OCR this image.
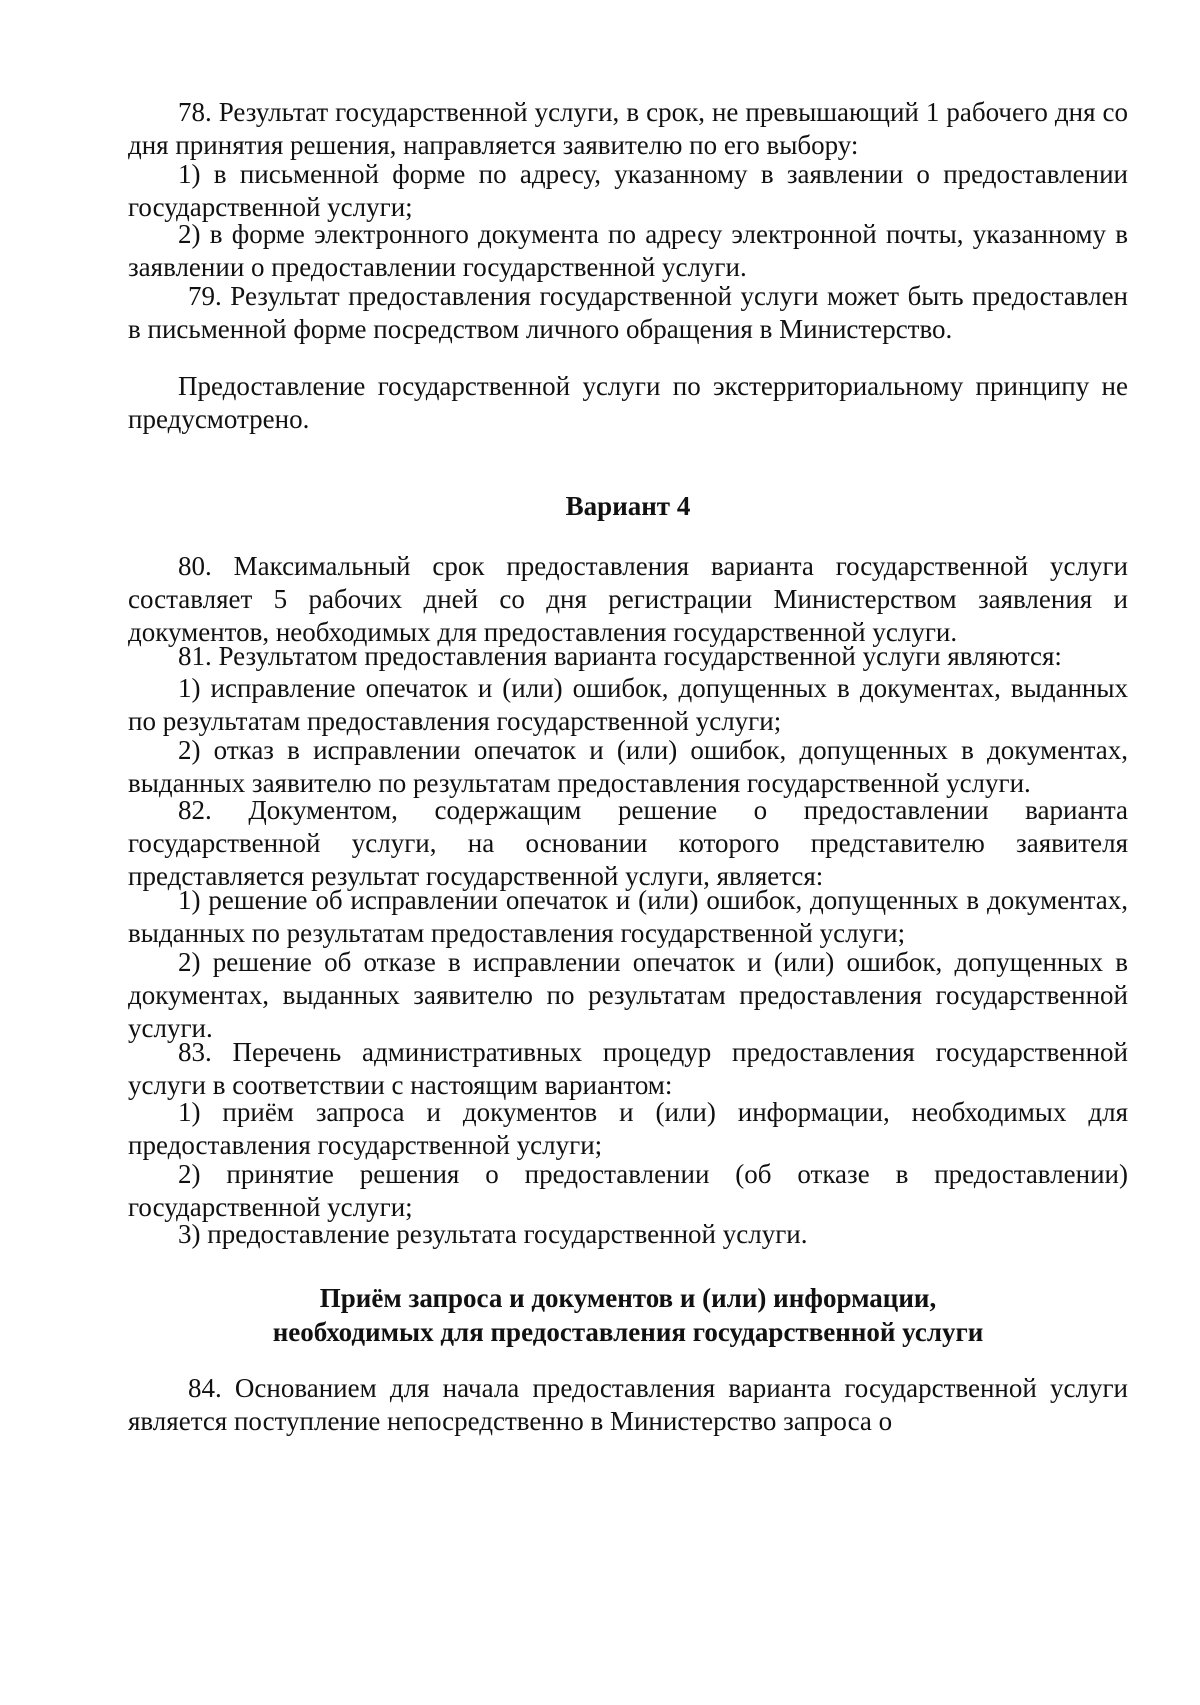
78. Результат государственной услуги, в срок, не превышающий 1 рабочего дня со дня принятия решения, направляется заявителю по его выбору:

1) в письменной форме по адресу, указанному в заявлении о предоставлении государственной услуги;

2) в форме электронного документа по адресу электронной почты, указанному в заявлении о предоставлении государственной услуги.

79. Результат предоставления государственной услуги может быть предоставлен в письменной форме посредством личного обращения в Министерство.

Предоставление государственной услуги по экстерриториальному принципу не предусмотрено.

Вариант 4

80. Максимальный срок предоставления варианта государственной услуги составляет 5 рабочих дней со дня регистрации Министерством заявления и документов, необходимых для предоставления государственной услуги.

81. Результатом предоставления варианта государственной услуги являются:

1) исправление опечаток и (или) ошибок, допущенных в документах, выданных по результатам предоставления государственной услуги;

2) отказ в исправлении опечаток и (или) ошибок, допущенных в документах, выданных заявителю по результатам предоставления государственной услуги.

82. Документом, содержащим решение о предоставлении варианта государственной услуги, на основании которого представителю заявителя представляется результат государственной услуги, является:

1) решение об исправлении опечаток и (или) ошибок, допущенных в документах, выданных по результатам предоставления государственной услуги;

2) решение об отказе в исправлении опечаток и (или) ошибок, допущенных в документах, выданных заявителю по результатам предоставления государственной услуги.

83. Перечень административных процедур предоставления государственной услуги в соответствии с настоящим вариантом:

1) приём запроса и документов и (или) информации, необходимых для предоставления государственной услуги;

2) принятие решения о предоставлении (об отказе в предоставлении) государственной услуги;

3) предоставление результата государственной услуги.

Приём запроса и документов и (или) информации,

необходимых для предоставления государственной услуги

84. Основанием для начала предоставления варианта государственной услуги является поступление непосредственно в Министерство запроса о
